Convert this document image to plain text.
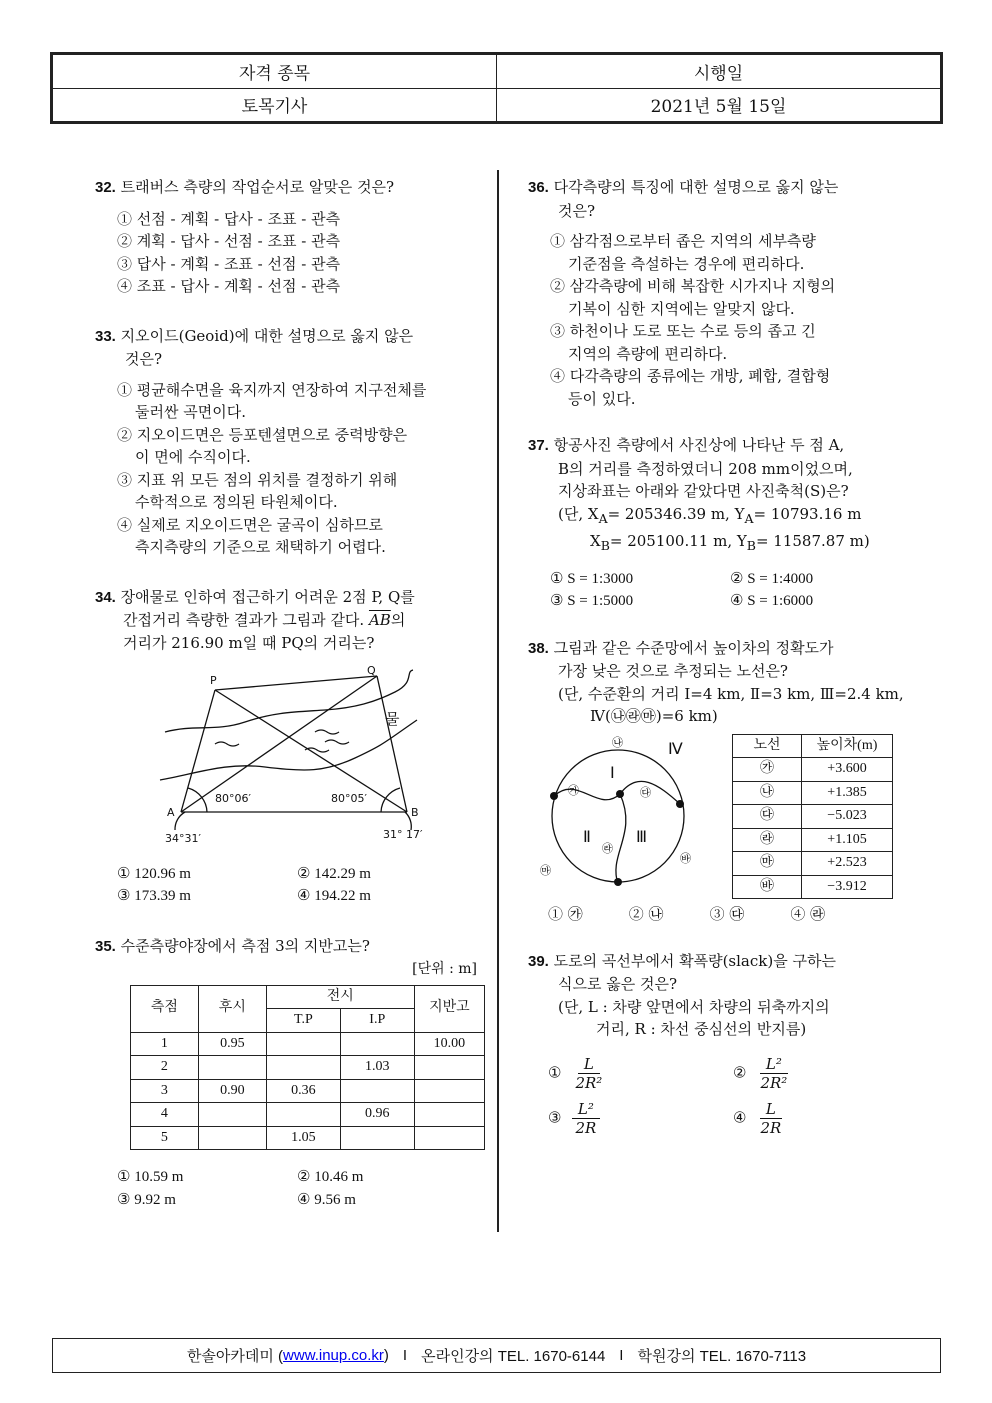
자격 종목	시행일
토목기사	2021년 5월 15일
32. 트래버스 측량의 작업순서로 알맞은 것은?
① 선점 - 계획 - 답사 - 조표 - 관측
② 계획 - 답사 - 선점 - 조표 - 관측
③ 답사 - 계획 - 조표 - 선점 - 관측
④ 조표 - 답사 - 계획 - 선점 - 관측
33. 지오이드(Geoid)에 대한 설명으로 옳지 않은
것은?
① 평균해수면을 육지까지 연장하여 지구전체를
둘러싼 곡면이다.
② 지오이드면은 등포텐셜면으로 중력방향은
이 면에 수직이다.
③ 지표 위 모든 점의 위치를 결정하기 위해
수학적으로 정의된 타원체이다.
④ 실제로 지오이드면은 굴곡이 심하므로
측지측량의 기준으로 채택하기 어렵다.
34. 장애물로 인하여 접근하기 어려운 2점 P, Q를
간접거리 측량한 결과가 그림과 같다. $\overline{AB}$의
거리가 216.90 m일 때 PQ의 거리는?
P
Q
A	B
물
80°06′	80°05′
34°31′	31° 17′
① 120.96 m	② 142.29 m
③ 173.39 m	④ 194.22 m
35. 수준측량야장에서 측점 3의 지반고는?
[단위 : m]
측점	후시	전시		지반고
		T.P	I.P	
1	0.95			10.00
2			1.03	
3	0.90	0.36		
4			0.96	
5		1.05		
① 10.59 m	② 10.46 m
③ 9.92 m	④ 9.56 m
36. 다각측량의 특징에 대한 설명으로 옳지 않는
것은?
① 삼각점으로부터 좁은 지역의 세부측량
기준점을 측설하는 경우에 편리하다.
② 삼각측량에 비해 복잡한 시가지나 지형의
기복이 심한 지역에는 알맞지 않다.
③ 하천이나 도로 또는 수로 등의 좁고 긴
지역의 측량에 편리하다.
④ 다각측량의 종류에는 개방, 폐합, 결합형
등이 있다.
37. 항공사진 측량에서 사진상에 나타난 두 점 A,
B의 거리를 측정하였더니 208 mm이었으며,
지상좌표는 아래와 같았다면 사진축척(S)은?
(단, $X_A= 205346.39$ m, $Y_A= 10793.16$ m
$X_B= 205100.11$ m, $Y_B= 11587.87$ m)
① S = 1:3000	② S = 1:4000
③ S = 1:5000	④ S = 1:6000
38. 그림과 같은 수준망에서 높이차의 정확도가
가장 낮은 것으로 추정되는 노선은?
(단, 수준환의 거리 Ⅰ=4 km, Ⅱ=3 km, Ⅲ=2.4 km,
Ⅳ(㉯㉱㉲)=6 km)
Ⅰ
Ⅱ	Ⅲ
Ⅳ
㉮
㉯
㉰
㉱
㉲
㉳
노선	높이차(m)
㉮	+3.600
㉯	+1.385
㉰	−5.023
㉱	+1.105
㉲	+2.523
㉳	−3.912
① ㉮	② ㉯	③ ㉰	④ ㉱
39. 도로의 곡선부에서 확폭량(slack)을 구하는
식으로 옳은 것은?
(단, L : 차량 앞면에서 차량의 뒤축까지의
거리, R : 차선 중심선의 반지름)
① $\frac{L}{\text{2R²}}$	② $\frac{\text{L²}}{\text{2R²}}$
③ $\frac{\text{L²}}{2R}$	④ $\frac{L}{2R}$
한솔아카데미 ( www.inup.co.kr ) I 온라인강의 TEL. 1670-6144 I 학원강의 TEL. 1670-7113
